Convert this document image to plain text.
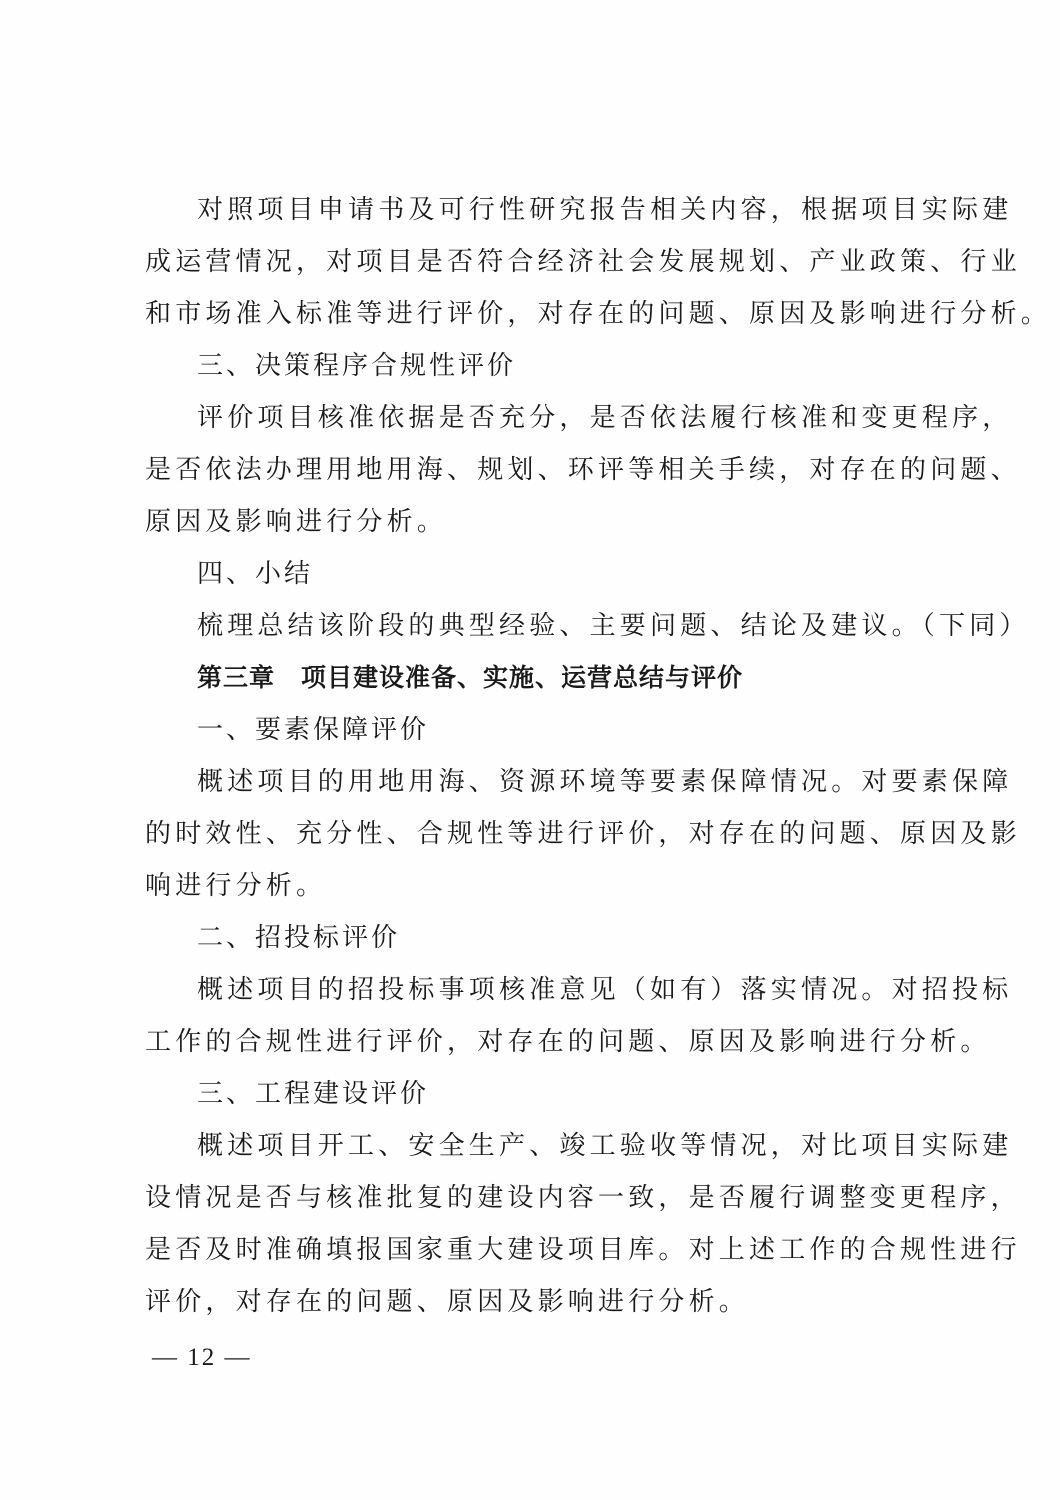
对照项目申请书及可行性研究报告相关内容，根据项目实际建
成运营情况，对项目是否符合经济社会发展规划、产业政策、行业
和市场准入标准等进行评价，对存在的问题、原因及影响进行分析。
三、决策程序合规性评价
评价项目核准依据是否充分，是否依法履行核准和变更程序，
是否依法办理用地用海、规划、环评等相关手续，对存在的问题、
原因及影响进行分析。
四、小结
梳理总结该阶段的典型经验、主要问题、结论及建议。（下同）
第三章　项目建设准备、实施、运营总结与评价
一、要素保障评价
概述项目的用地用海、资源环境等要素保障情况。对要素保障
的时效性、充分性、合规性等进行评价，对存在的问题、原因及影
响进行分析。
二、招投标评价
概述项目的招投标事项核准意见（如有）落实情况。对招投标
工作的合规性进行评价，对存在的问题、原因及影响进行分析。
三、工程建设评价
概述项目开工、安全生产、竣工验收等情况，对比项目实际建
设情况是否与核准批复的建设内容一致，是否履行调整变更程序，
是否及时准确填报国家重大建设项目库。对上述工作的合规性进行
评价，对存在的问题、原因及影响进行分析。
— 12 —
